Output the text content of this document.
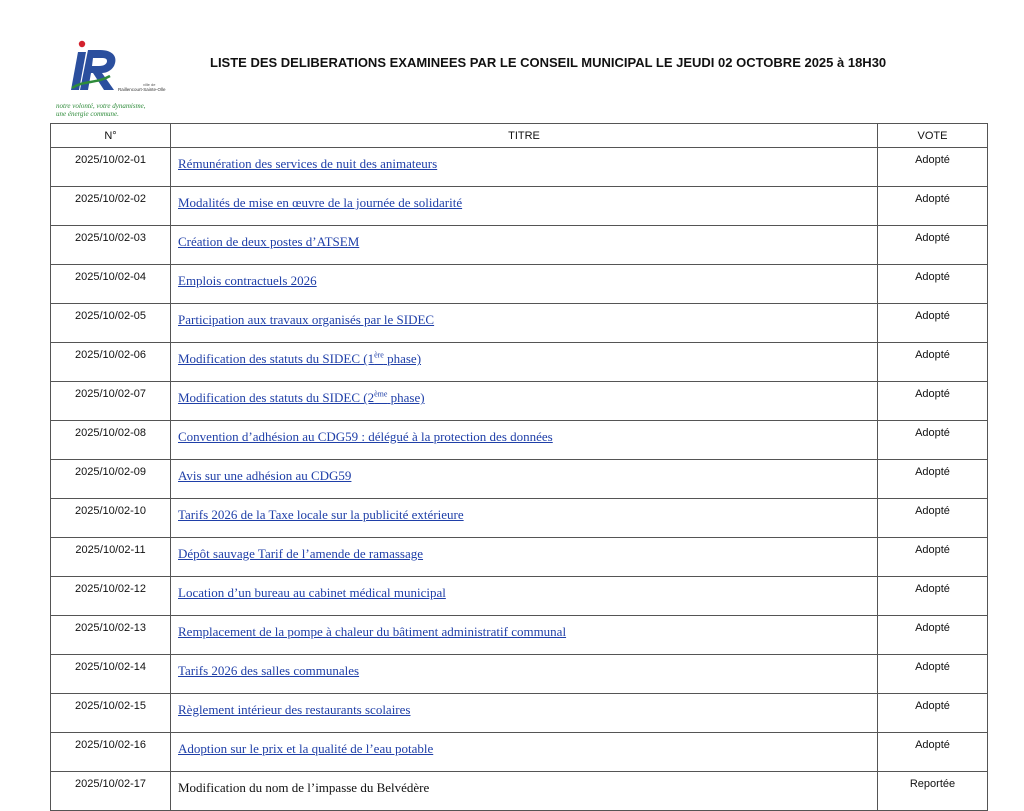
ville de
Raillencourt-Sainte-Olle
notre volonté, votre dynamisme,
une énergie commune.
LISTE DES DELIBERATIONS EXAMINEES PAR LE CONSEIL MUNICIPAL LE JEUDI 02 OCTOBRE 2025 à 18H30
N°	TITRE	VOTE
2025/10/02-01	Rémunération des services de nuit des animateurs	Adopté
2025/10/02-02	Modalités de mise en œuvre de la journée de solidarité	Adopté
2025/10/02-03	Création de deux postes d’ATSEM	Adopté
2025/10/02-04	Emplois contractuels 2026	Adopté
2025/10/02-05	Participation aux travaux organisés par le SIDEC	Adopté
2025/10/02-06	Modification des statuts du SIDEC (1ère phase)	Adopté
2025/10/02-07	Modification des statuts du SIDEC (2ème phase)	Adopté
2025/10/02-08	Convention d’adhésion au CDG59 : délégué à la protection des données	Adopté
2025/10/02-09	Avis sur une adhésion au CDG59	Adopté
2025/10/02-10	Tarifs 2026 de la Taxe locale sur la publicité extérieure	Adopté
2025/10/02-11	Dépôt sauvage Tarif de l’amende de ramassage	Adopté
2025/10/02-12	Location d’un bureau au cabinet médical municipal	Adopté
2025/10/02-13	Remplacement de la pompe à chaleur du bâtiment administratif communal	Adopté
2025/10/02-14	Tarifs 2026 des salles communales	Adopté
2025/10/02-15	Règlement intérieur des restaurants scolaires	Adopté
2025/10/02-16	Adoption sur le prix et la qualité de l’eau potable	Adopté
2025/10/02-17	Modification du nom de l’impasse du Belvédère	Reportée
